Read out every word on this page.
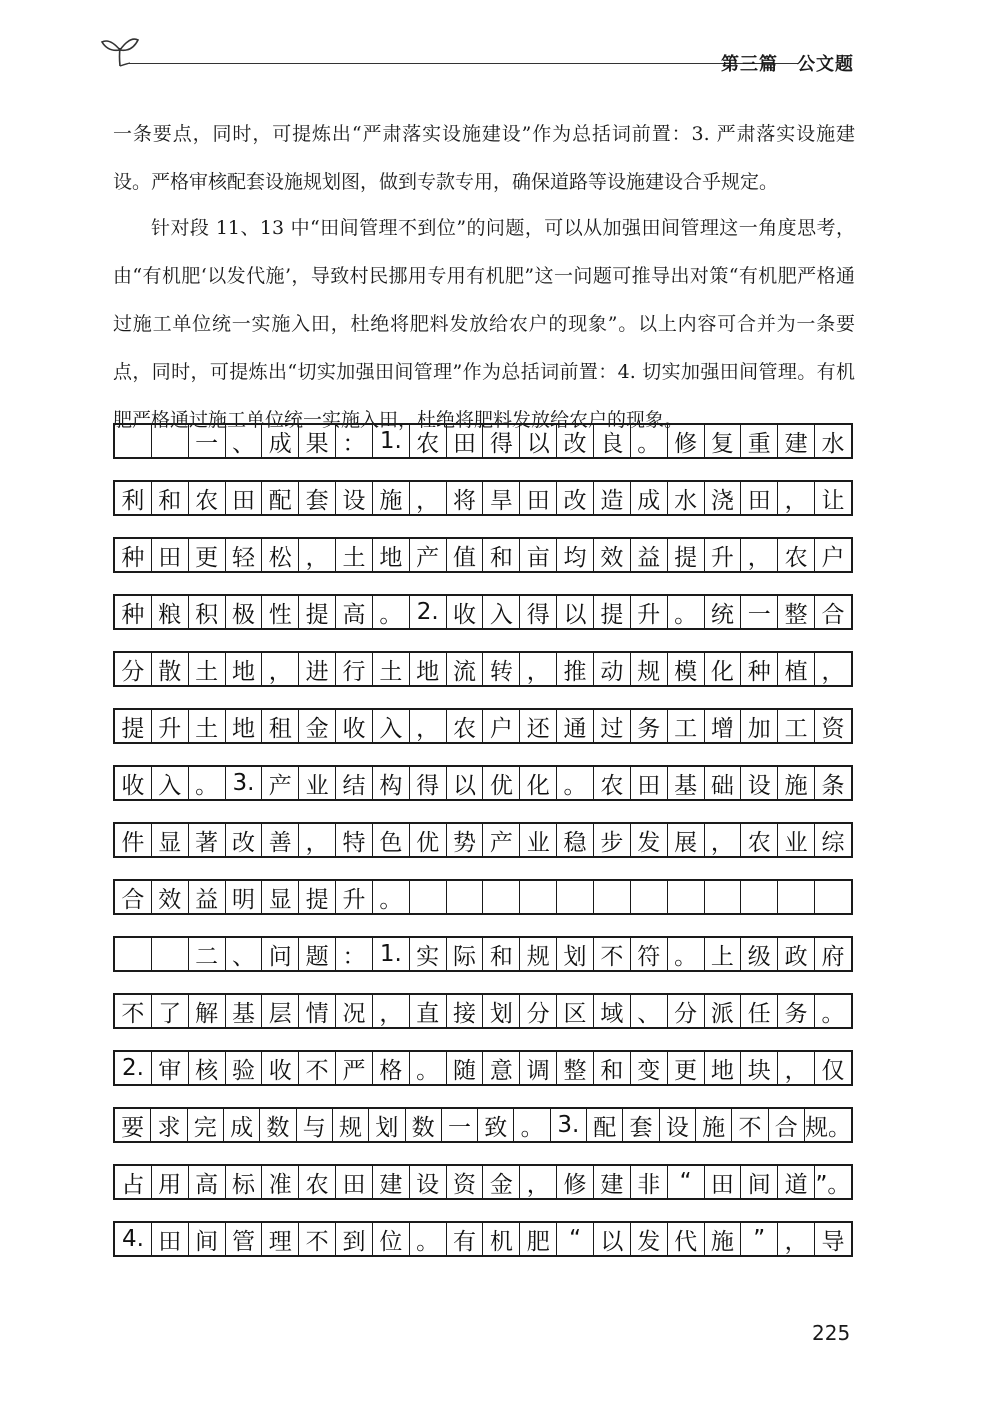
第三篇　公文题

一条要点，同时，可提炼出“严肃落实设施建设”作为总括词前置：3. 严肃落实设施建设。严格审核配套设施规划图，做到专款专用，确保道路等设施建设合乎规定。

针对段 11、13 中“田间管理不到位”的问题，可以从加强田间管理这一角度思考，由“有机肥‘以发代施’，导致村民挪用专用有机肥”这一问题可推导出对策“有机肥严格通过施工单位统一实施入田，杜绝将肥料发放给农户的现象”。以上内容可合并为一条要点，同时，可提炼出“切实加强田间管理”作为总括词前置：4. 切实加强田间管理。有机肥严格通过施工单位统一实施入田，杜绝将肥料发放给农户的现象。

一 、 成 果 ： 1. 农 田 得 以 改 良 。 修 复 重 建 水
利 和 农 田 配 套 设 施 ， 将 旱 田 改 造 成 水 浇 田 ， 让
种 田 更 轻 松 ， 土 地 产 值 和 亩 均 效 益 提 升 ， 农 户
种 粮 积 极 性 提 高 。 2. 收 入 得 以 提 升 。 统 一 整 合
分 散 土 地 ， 进 行 土 地 流 转 ， 推 动 规 模 化 种 植 ，
提 升 土 地 租 金 收 入 ， 农 户 还 通 过 务 工 增 加 工 资
收 入 。 3. 产 业 结 构 得 以 优 化 。 农 田 基 础 设 施 条
件 显 著 改 善 ， 特 色 优 势 产 业 稳 步 发 展 ， 农 业 综
合 效 益 明 显 提 升 。
二 、 问 题 ： 1. 实 际 和 规 划 不 符 。 上 级 政 府
不 了 解 基 层 情 况 ， 直 接 划 分 区 域 、 分 派 任 务 。
2. 审 核 验 收 不 严 格 。 随 意 调 整 和 变 更 地 块 ， 仅
要 求 完 成 数 与 规 划 数 一 致 。 3. 配 套 设 施 不 合 规。
占 用 高 标 准 农 田 建 设 资 金 ， 修 建 非 “ 田 间 道 ”。
4. 田 间 管 理 不 到 位 。 有 机 肥 “ 以 发 代 施 ” ， 导
225
